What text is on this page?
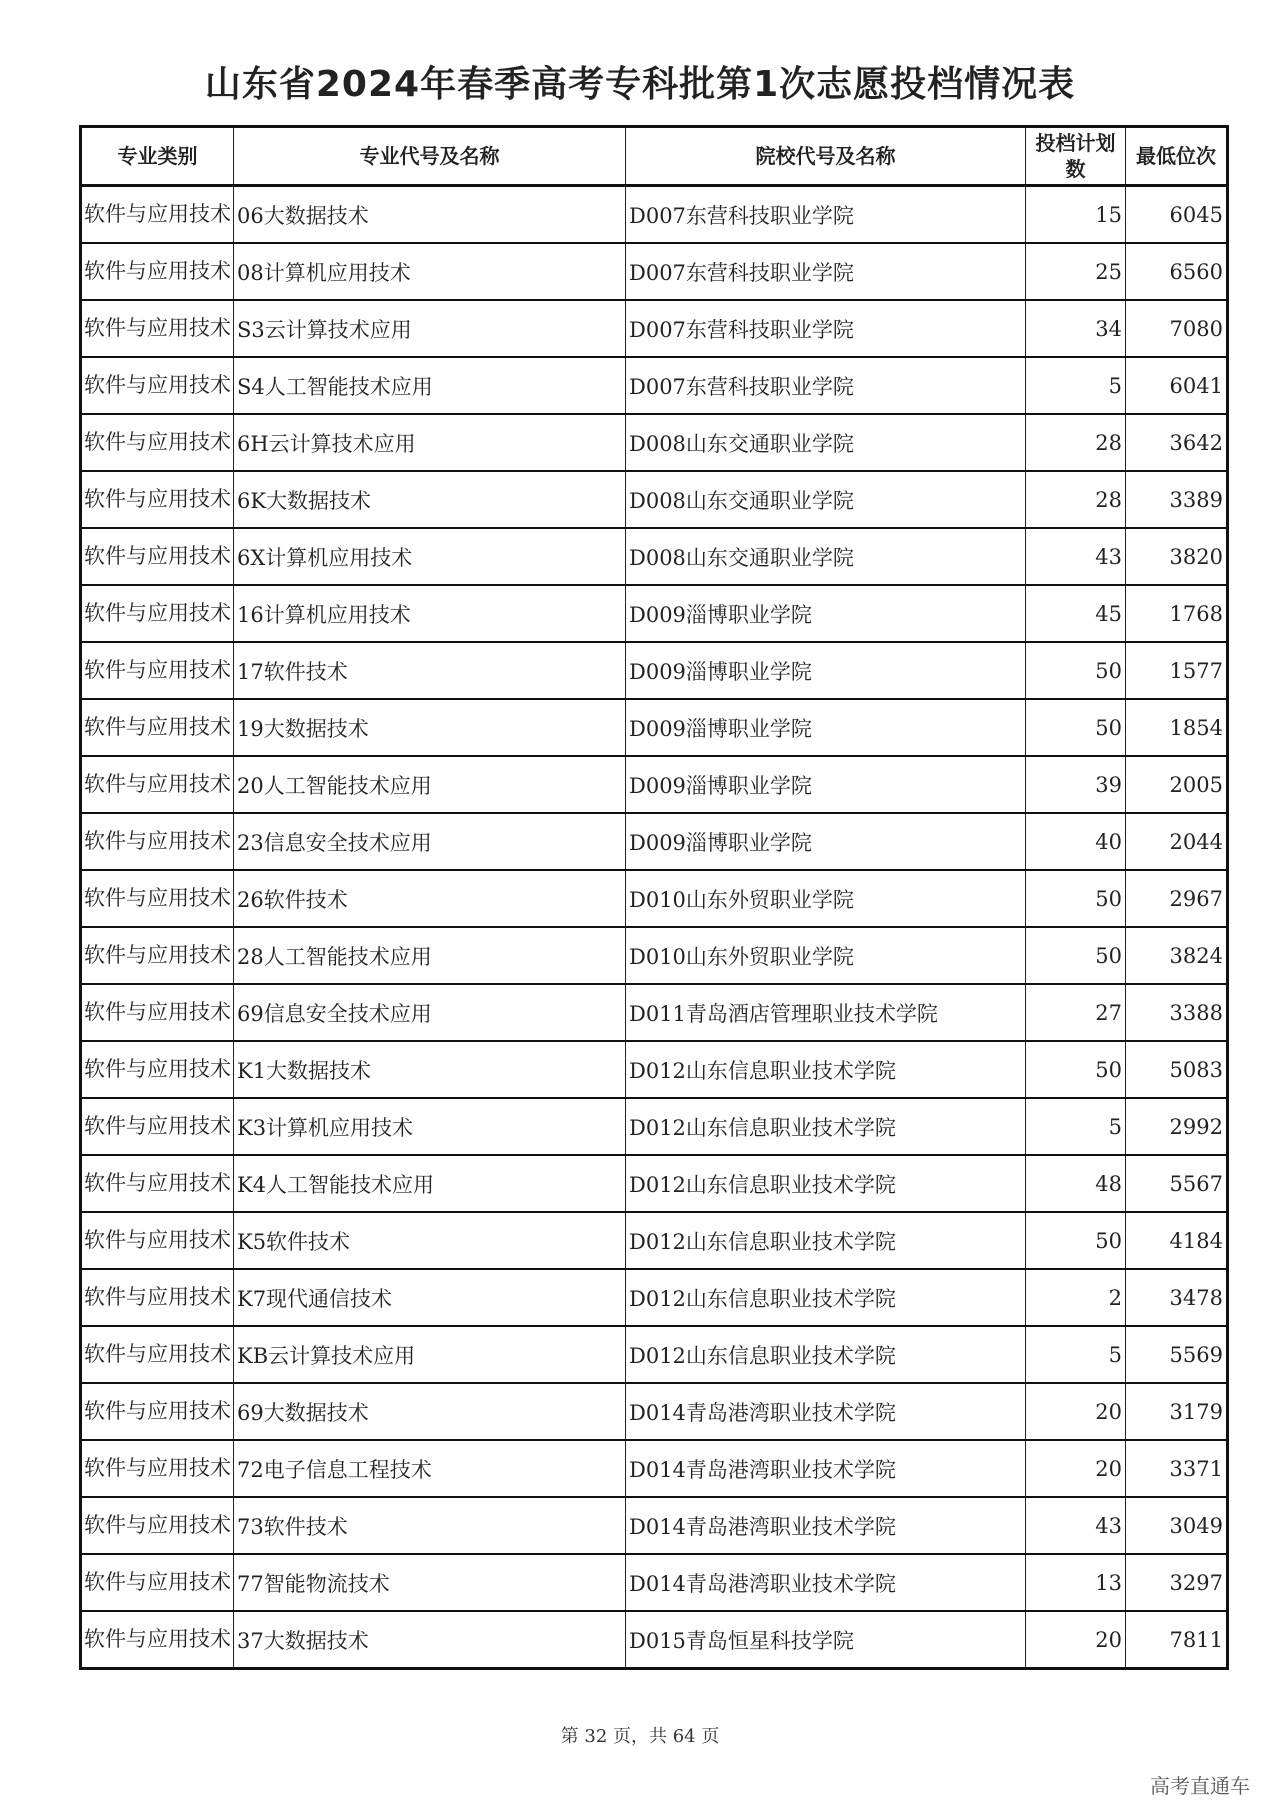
山东省2024年春季高考专科批第1次志愿投档情况表
专业类别	专业代号及名称	院校代号及名称	投档计划数	最低位次
软件与应用技术	06大数据技术	D007东营科技职业学院	15	6045
软件与应用技术	08计算机应用技术	D007东营科技职业学院	25	6560
软件与应用技术	S3云计算技术应用	D007东营科技职业学院	34	7080
软件与应用技术	S4人工智能技术应用	D007东营科技职业学院	5	6041
软件与应用技术	6H云计算技术应用	D008山东交通职业学院	28	3642
软件与应用技术	6K大数据技术	D008山东交通职业学院	28	3389
软件与应用技术	6X计算机应用技术	D008山东交通职业学院	43	3820
软件与应用技术	16计算机应用技术	D009淄博职业学院	45	1768
软件与应用技术	17软件技术	D009淄博职业学院	50	1577
软件与应用技术	19大数据技术	D009淄博职业学院	50	1854
软件与应用技术	20人工智能技术应用	D009淄博职业学院	39	2005
软件与应用技术	23信息安全技术应用	D009淄博职业学院	40	2044
软件与应用技术	26软件技术	D010山东外贸职业学院	50	2967
软件与应用技术	28人工智能技术应用	D010山东外贸职业学院	50	3824
软件与应用技术	69信息安全技术应用	D011青岛酒店管理职业技术学院	27	3388
软件与应用技术	K1大数据技术	D012山东信息职业技术学院	50	5083
软件与应用技术	K3计算机应用技术	D012山东信息职业技术学院	5	2992
软件与应用技术	K4人工智能技术应用	D012山东信息职业技术学院	48	5567
软件与应用技术	K5软件技术	D012山东信息职业技术学院	50	4184
软件与应用技术	K7现代通信技术	D012山东信息职业技术学院	2	3478
软件与应用技术	KB云计算技术应用	D012山东信息职业技术学院	5	5569
软件与应用技术	69大数据技术	D014青岛港湾职业技术学院	20	3179
软件与应用技术	72电子信息工程技术	D014青岛港湾职业技术学院	20	3371
软件与应用技术	73软件技术	D014青岛港湾职业技术学院	43	3049
软件与应用技术	77智能物流技术	D014青岛港湾职业技术学院	13	3297
软件与应用技术	37大数据技术	D015青岛恒星科技学院	20	7811
第 32 页，共 64 页
高考直通车
